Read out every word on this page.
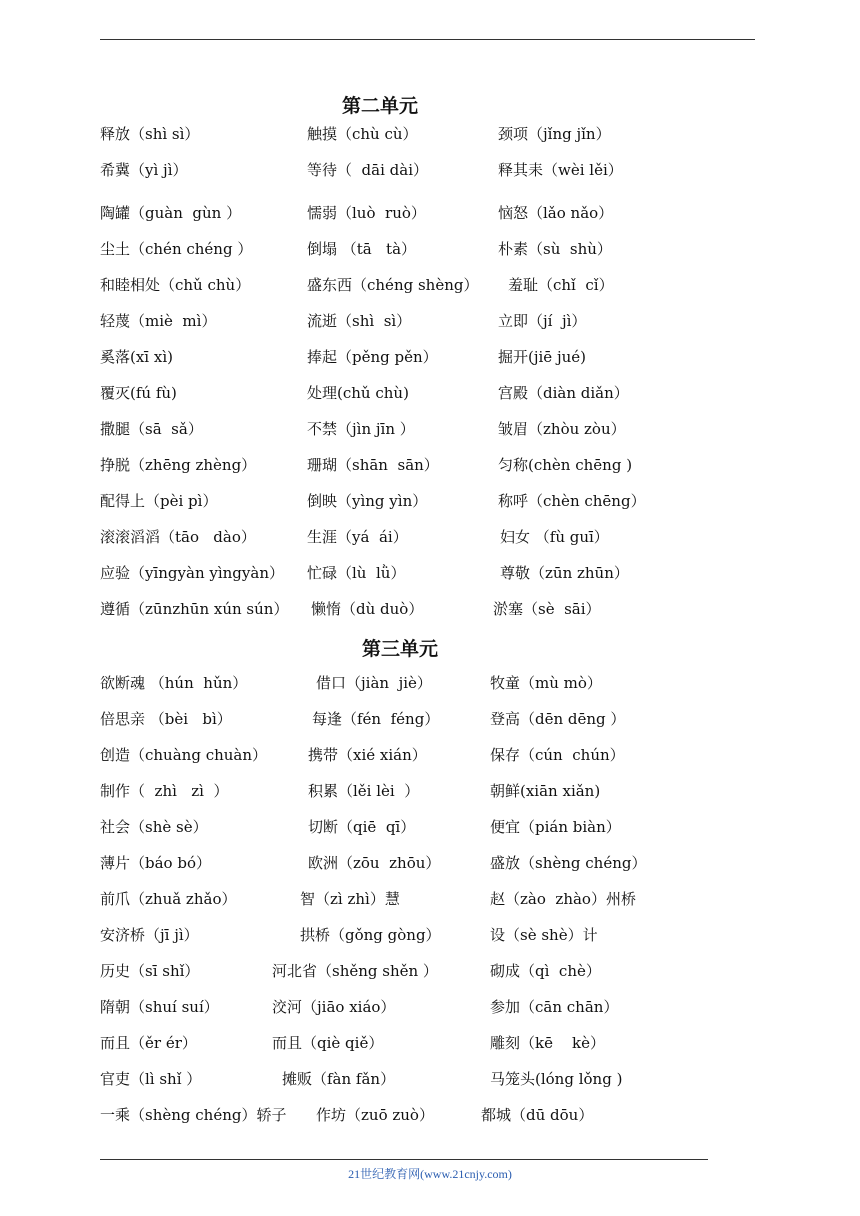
第二单元
释放（shì sì）	触摸（chù cù）	颈项（jǐng jǐn）
希冀（yì jì）	等待（  dāi dài）	释其耒（wèi lěi）
陶罐（guàn  gùn ）	懦弱（luò  ruò）	恼怒（lǎo nǎo）
尘土（chén chéng ）	倒塌 （tā   tà）	朴素（sù  shù）
和睦相处（chǔ chù）	盛东西（chéng shèng） 羞耻（chǐ  cǐ）
轻蔑（miè  mì）	流逝（shì  sì）	立即（jí  jì）
奚落(xī xì)	捧起（pěng pěn）	掘开(jiē jué)
覆灭(fú fù)	处理(chǔ chù)	宫殿（diàn diǎn）
撒腿（sā  sǎ）	不禁（jìn jīn ）	皱眉（zhòu zòu）
挣脱（zhēng zhèng）	珊瑚（shān  sān）	匀称(chèn chēng )
配得上（pèi pì）	倒映（yìng yìn）	称呼（chèn chēng）
滚滚滔滔（tāo   dào）	生涯（yá  ái）	妇女 （fù guī）
应验（yīngyàn yìngyàn） 忙碌（lù  lǜ）	尊敬（zūn zhūn）
遵循（zūnzhūn xún sún） 懒惰（dù duò）	淤塞（sè  sāi）
第三单元
欲断魂 （hún  hǔn）	借口（jiàn  jiè）	牧童（mù mò）
倍思亲 （bèi   bì）	每逢（fén  féng）	登高（dēn dēng ）
创造（chuàng chuàn）	携带（xié xián）	保存（cún  chún）
制作（  zhì   zì  ）	积累（lěi lèi  ）	朝鲜(xiān xiǎn)
社会（shè sè）	切断（qiē  qī）	便宜（pián biàn）
薄片（báo bó）	欧洲（zōu  zhōu）	盛放（shèng chéng）
前爪（zhuǎ zhǎo）	智（zì zhì）慧	赵（zào  zhào）州桥
安济桥（jī jì）	拱桥（gǒng gòng）	设（sè shè）计
历史（sī shǐ）	河北省（shěng shěn ）	砌成（qì  chè）
隋朝（shuí suí）	洨河（jiāo xiáo）	参加（cān chān）
而且（ěr ér）	而且（qiè qiě）	雕刻（kē    kè）
官吏（lì shǐ ）	摊贩（fàn fǎn）	马笼头(lóng lǒng )
一乘（shèng chéng）轿子 作坊（zuō zuò）	都城（dū dōu）
21世纪教育网(www.21cnjy.com)
